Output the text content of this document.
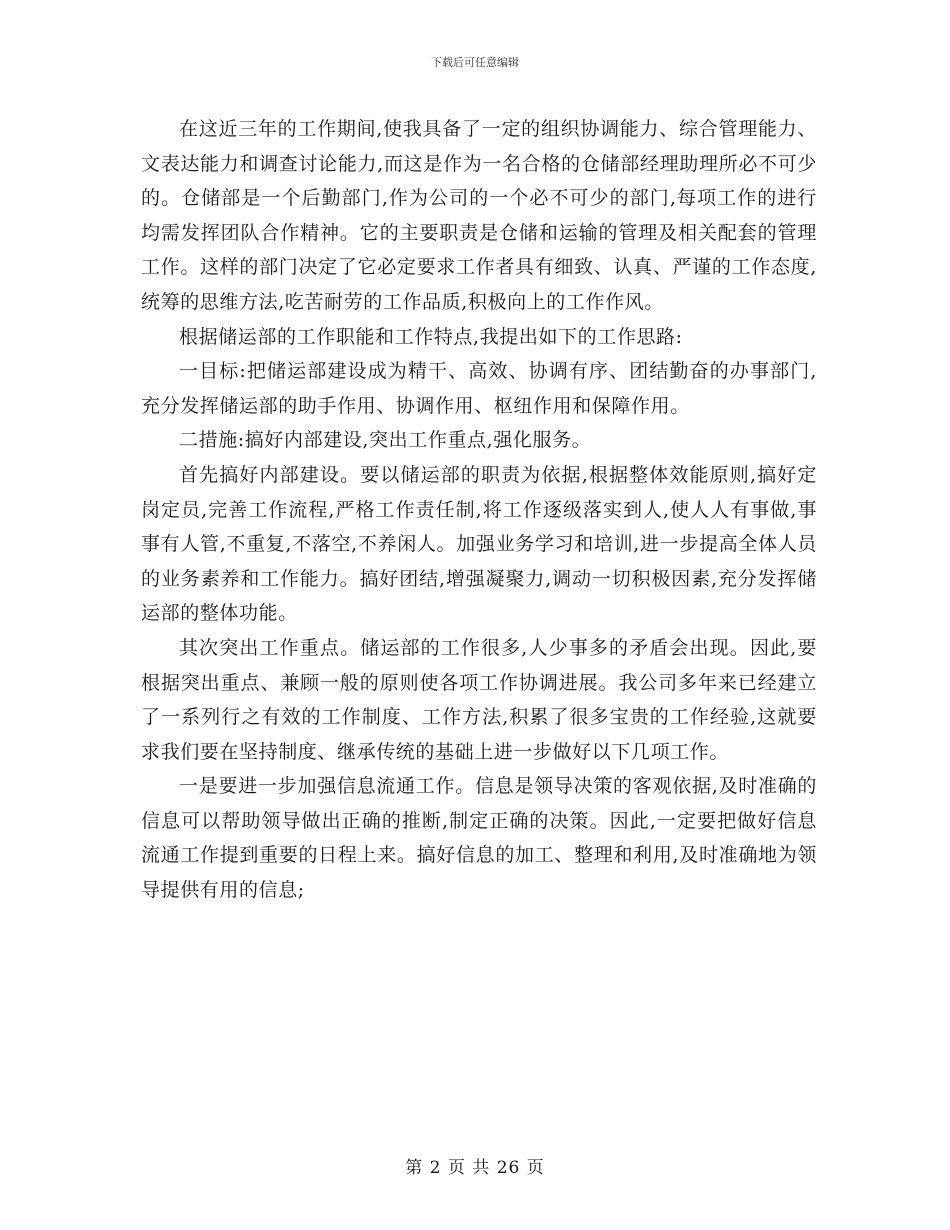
下载后可任意编辑

在这近三年的工作期间,使我具备了一定的组织协调能力、综合管理能力、文表达能力和调查讨论能力,而这是作为一名合格的仓储部经理助理所必不可少的。仓储部是一个后勤部门,作为公司的一个必不可少的部门,每项工作的进行均需发挥团队合作精神。它的主要职责是仓储和运输的管理及相关配套的管理工作。这样的部门决定了它必定要求工作者具有细致、认真、严谨的工作态度,统筹的思维方法,吃苦耐劳的工作品质,积极向上的工作作风。

根据储运部的工作职能和工作特点,我提出如下的工作思路:

一目标:把储运部建设成为精干、高效、协调有序、团结勤奋的办事部门,充分发挥储运部的助手作用、协调作用、枢纽作用和保障作用。

二措施:搞好内部建设,突出工作重点,强化服务。

首先搞好内部建设。要以储运部的职责为依据,根据整体效能原则,搞好定岗定员,完善工作流程,严格工作责任制,将工作逐级落实到人,使人人有事做,事事有人管,不重复,不落空,不养闲人。加强业务学习和培训,进一步提高全体人员的业务素养和工作能力。搞好团结,增强凝聚力,调动一切积极因素,充分发挥储运部的整体功能。

其次突出工作重点。储运部的工作很多,人少事多的矛盾会出现。因此,要根据突出重点、兼顾一般的原则使各项工作协调进展。我公司多年来已经建立了一系列行之有效的工作制度、工作方法,积累了很多宝贵的工作经验,这就要求我们要在坚持制度、继承传统的基础上进一步做好以下几项工作。

一是要进一步加强信息流通工作。信息是领导决策的客观依据,及时准确的信息可以帮助领导做出正确的推断,制定正确的决策。因此,一定要把做好信息流通工作提到重要的日程上来。搞好信息的加工、整理和利用,及时准确地为领导提供有用的信息;

第 2 页 共 26 页
